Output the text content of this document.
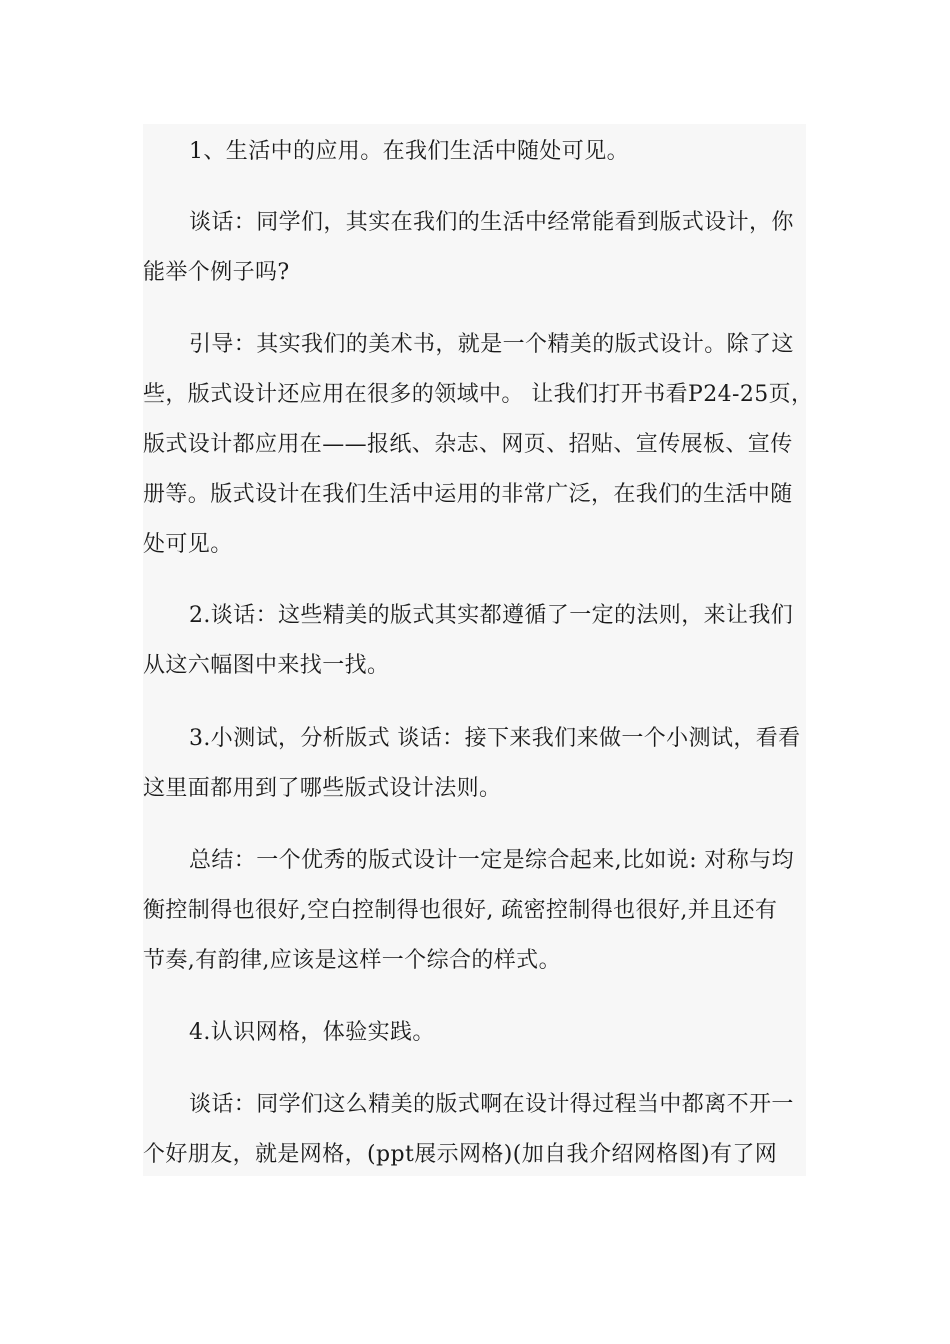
1、生活中的应用。在我们生活中随处可见。
谈话：同学们，其实在我们的生活中经常能看到版式设计，你
能举个例子吗?
引导：其实我们的美术书，就是一个精美的版式设计。除了这
些，版式设计还应用在很多的领域中。 让我们打开书看P24-25页，
版式设计都应用在——报纸、杂志、网页、招贴、宣传展板、宣传
册等。版式设计在我们生活中运用的非常广泛，在我们的生活中随
处可见。
2.谈话：这些精美的版式其实都遵循了一定的法则，来让我们
从这六幅图中来找一找。
3.小测试，分析版式 谈话：接下来我们来做一个小测试，看看
这里面都用到了哪些版式设计法则。
总结：一个优秀的版式设计一定是综合起来,比如说: 对称与均
衡控制得也很好,空白控制得也很好, 疏密控制得也很好,并且还有
节奏,有韵律,应该是这样一个综合的样式。
4.认识网格，体验实践。
谈话：同学们这么精美的版式啊在设计得过程当中都离不开一
个好朋友，就是网格，(ppt展示网格)(加自我介绍网格图)有了网
